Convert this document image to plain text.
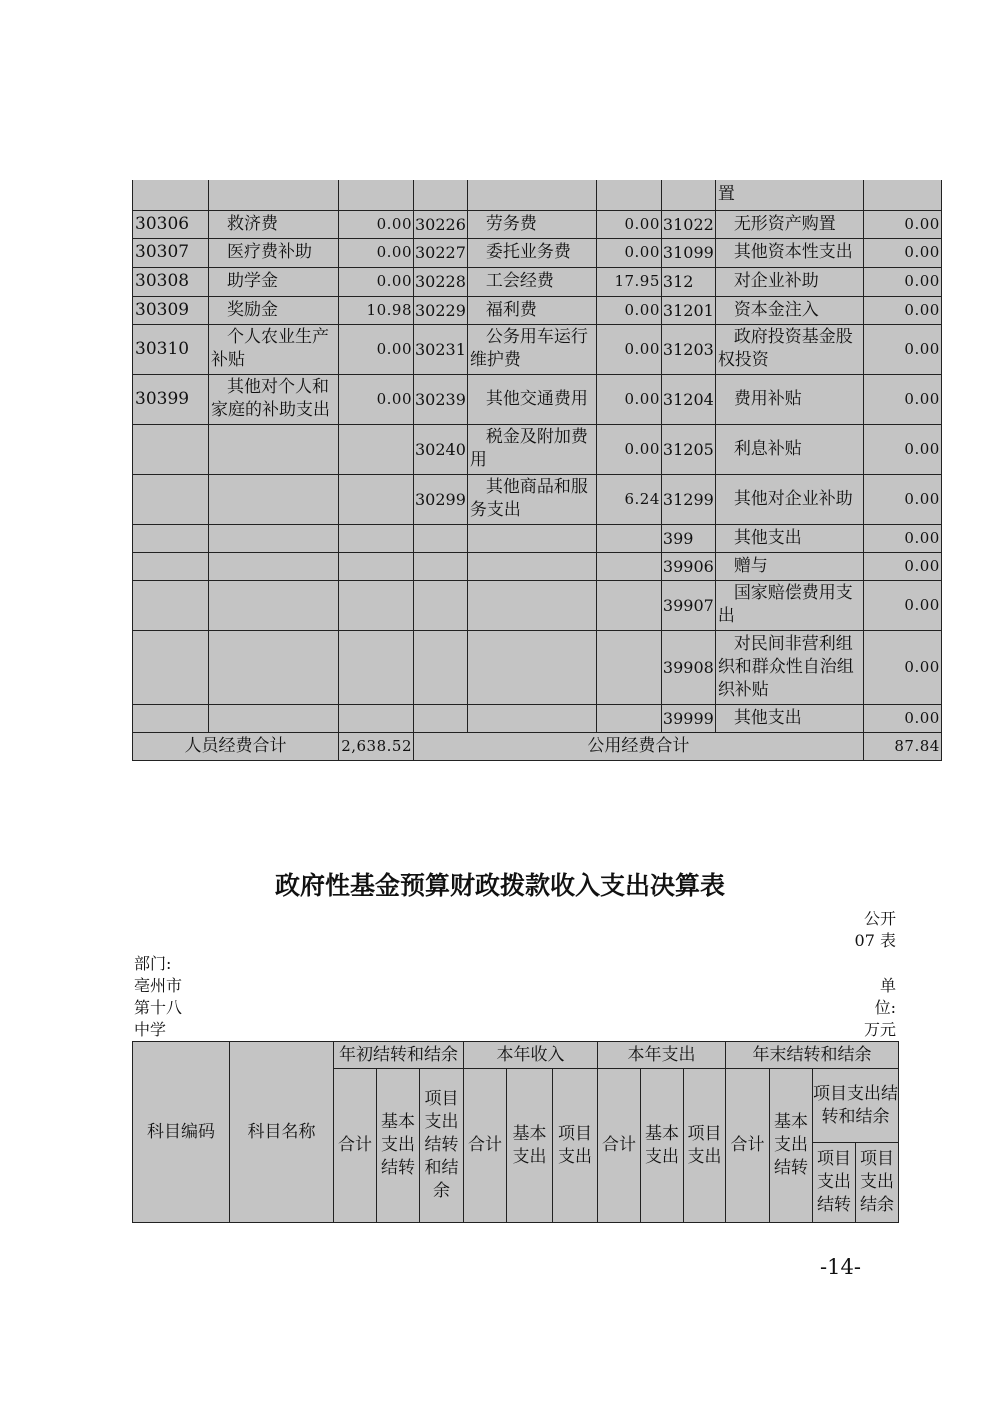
							置	
30306	救济费	0.00	30226	劳务费	0.00	31022	无形资产购置	0.00
30307	医疗费补助	0.00	30227	委托业务费	0.00	31099	其他资本性支出	0.00
30308	助学金	0.00	30228	工会经费	17.95	312	对企业补助	0.00
30309	奖励金	10.98	30229	福利费	0.00	31201	资本金注入	0.00
30310	个人农业生产补贴	0.00	30231	公务用车运行维护费	0.00	31203	政府投资基金股权投资	0.00
30399	其他对个人和家庭的补助支出	0.00	30239	其他交通费用	0.00	31204	费用补贴	0.00
			30240	税金及附加费用	0.00	31205	利息补贴	0.00
			30299	其他商品和服务支出	6.24	31299	其他对企业补助	0.00
						399	其他支出	0.00
						39906	赠与	0.00
						39907	国家赔偿费用支出	0.00
						39908	对民间非营利组织和群众性自治组织补贴	0.00
						39999	其他支出	0.00
人员经费合计		2,638.52	公用经费合计					87.84
政府性基金预算财政拨款收入支出决算表
公开
07 表
部门:
亳州市
第十八
中学
单
位:
万元
科目编码	科目名称	年初结转和结余			本年收入			本年支出			年末结转和结余			
		合计	基本支出结转	项目支出结转和结余	合计	基本支出	项目支出	合计	基本支出	项目支出	合计	基本支出结转	项目支出结转和结余	
													项目支出结转	项目支出结余
-14-
